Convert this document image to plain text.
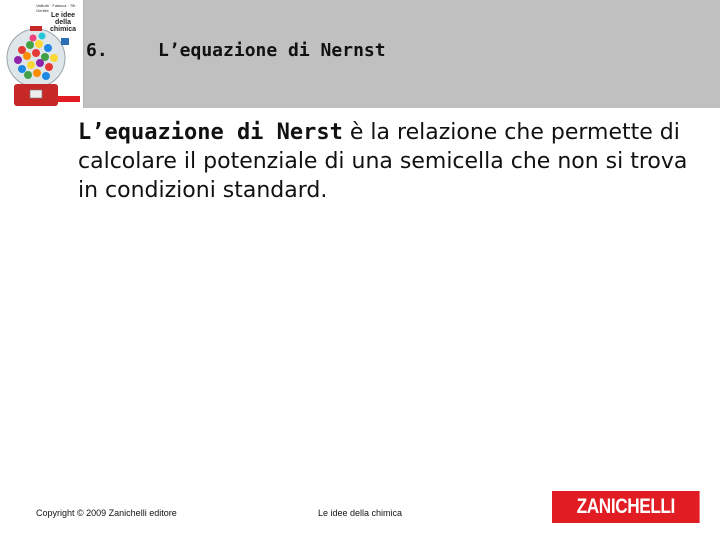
Valitutti · Falasca · Tifi · Gentile
Le idee della chimica
6.	L’equazione di Nernst

L’equazione di Nerst è la relazione che permette di calcolare il potenziale di una semicella che non si trova in condizioni standard.

Copyright © 2009 Zanichelli editore	Le idee della chimica	ZANICHELLI
